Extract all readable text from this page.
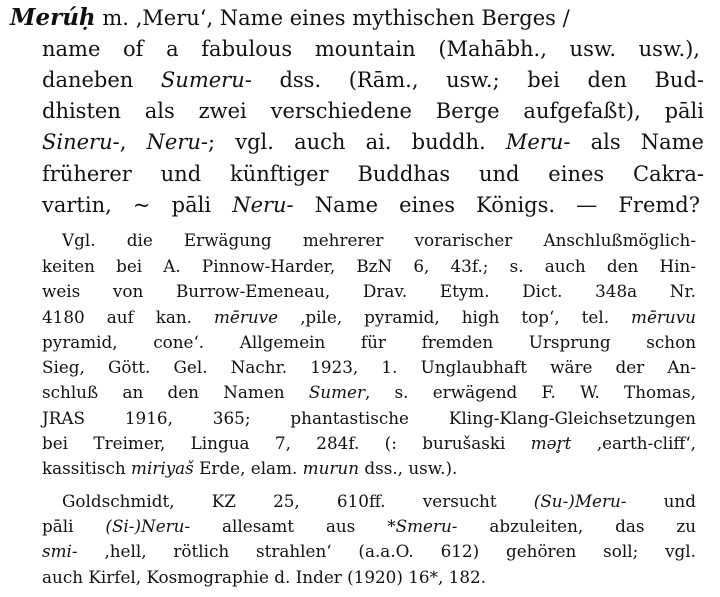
Merúḥ m. ‚Meru‘, Name eines mythischen Berges /
name of a fabulous mountain (Mahābh., usw. usw.),
daneben Sumeru- dss. (Rām., usw.; bei den Bud-
dhisten als zwei verschiedene Berge aufgefaßt), pāli
Sineru-, Neru-; vgl. auch ai. buddh. Meru- als Name
früherer und künftiger Buddhas und eines Cakra-
vartin, ~ pāli Neru- Name eines Königs. — Fremd?
Vgl. die Erwägung mehrerer vorarischer Anschlußmöglich-
keiten bei A. Pinnow-Harder, BzN 6, 43f.; s. auch den Hin-
weis von Burrow-Emeneau, Drav. Etym. Dict. 348a Nr.
4180 auf kan. mēruve ‚pile, pyramid, high top‘, tel. mēruvu
pyramid, cone‘. Allgemein für fremden Ursprung schon
Sieg, Gött. Gel. Nachr. 1923, 1. Unglaubhaft wäre der An-
schluß an den Namen Sumer, s. erwägend F. W. Thomas,
JRAS 1916, 365; phantastische Kling-Klang-Gleichsetzungen
bei Treimer, Lingua 7, 284f. (: burušaski mər̥t ‚earth-cliff‘,
kassitisch miriyaš Erde, elam. murun dss., usw.).
Goldschmidt, KZ 25, 610ff. versucht (Su-)Meru- und
pāli (Si-)Neru- allesamt aus *Smeru- abzuleiten, das zu
smi- ‚hell, rötlich strahlen‘ (a.a.O. 612) gehören soll; vgl.
auch Kirfel, Kosmographie d. Inder (1920) 16*, 182.
